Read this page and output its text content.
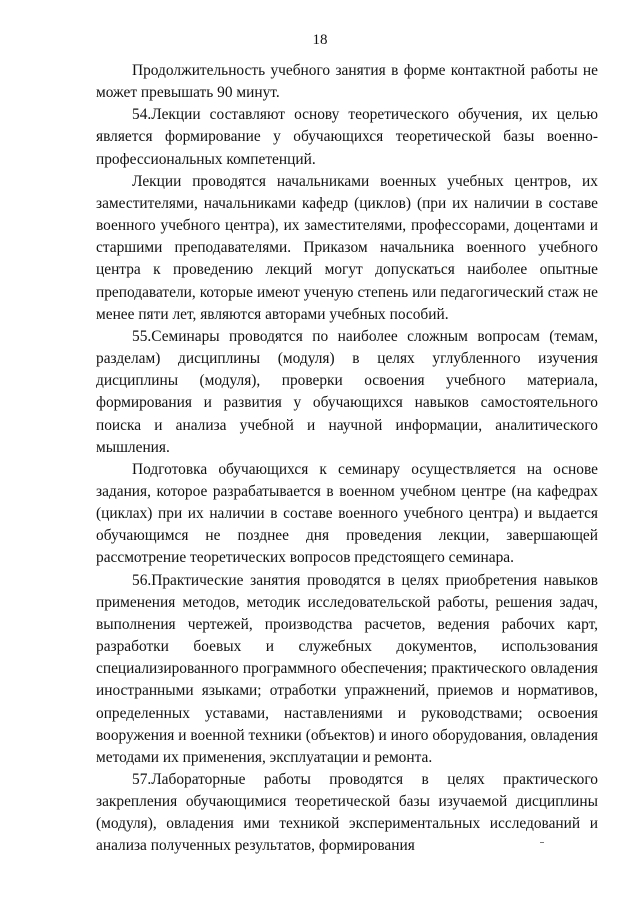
18

Продолжительность учебного занятия в форме контактной работы не может превышать 90 минут.

54.Лекции составляют основу теоретического обучения, их целью является формирование у обучающихся теоретической базы военно-профессиональных компетенций.

Лекции проводятся начальниками военных учебных центров, их заместителями, начальниками кафедр (циклов) (при их наличии в составе военного учебного центра), их заместителями, профессорами, доцентами и старшими преподавателями. Приказом начальника военного учебного центра к проведению лекций могут допускаться наиболее опытные преподаватели, которые имеют ученую степень или педагогический стаж не менее пяти лет, являются авторами учебных пособий.

55.Семинары проводятся по наиболее сложным вопросам (темам, разделам) дисциплины (модуля) в целях углубленного изучения дисциплины (модуля), проверки освоения учебного материала, формирования и развития у обучающихся навыков самостоятельного поиска и анализа учебной и научной информации, аналитического мышления.

Подготовка обучающихся к семинару осуществляется на основе задания, которое разрабатывается в военном учебном центре (на кафедрах (циклах) при их наличии в составе военного учебного центра) и выдается обучающимся не позднее дня проведения лекции, завершающей рассмотрение теоретических вопросов предстоящего семинара.

56.Практические занятия проводятся в целях приобретения навыков применения методов, методик исследовательской работы, решения задач, выполнения чертежей, производства расчетов, ведения рабочих карт, разработки боевых и служебных документов, использования специализированного программного обеспечения; практического овладения иностранными языками; отработки упражнений, приемов и нормативов, определенных уставами, наставлениями и руководствами; освоения вооружения и военной техники (объектов) и иного оборудования, овладения методами их применения, эксплуатации и ремонта.

57.Лабораторные работы проводятся в целях практического закрепления обучающимися теоретической базы изучаемой дисциплины (модуля), овладения ими техникой экспериментальных исследований и анализа полученных результатов, формирования
